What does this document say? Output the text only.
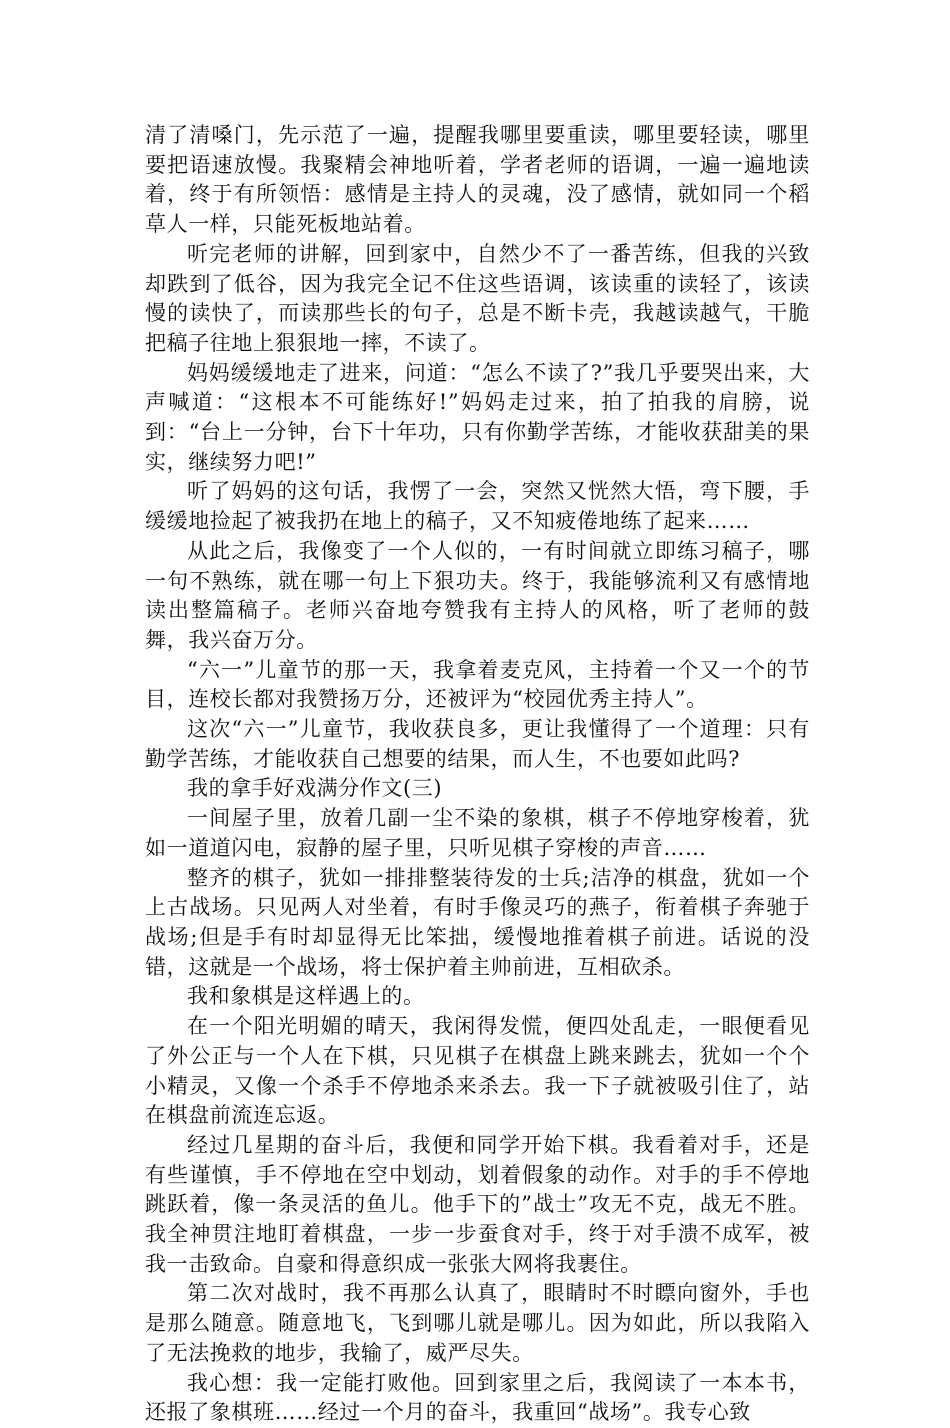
清了清嗓门，先示范了一遍，提醒我哪里要重读，哪里要轻读，哪里要把语速放慢。我聚精会神地听着，学者老师的语调，一遍一遍地读着，终于有所领悟：感情是主持人的灵魂，没了感情，就如同一个稻草人一样，只能死板地站着。

听完老师的讲解，回到家中，自然少不了一番苦练，但我的兴致却跌到了低谷，因为我完全记不住这些语调，该读重的读轻了，该读慢的读快了，而读那些长的句子，总是不断卡壳，我越读越气，干脆把稿子往地上狠狠地一摔，不读了。

妈妈缓缓地走了进来，问道：“怎么不读了?”我几乎要哭出来，大声喊道：“这根本不可能练好!”妈妈走过来，拍了拍我的肩膀，说到：“台上一分钟，台下十年功，只有你勤学苦练，才能收获甜美的果实，继续努力吧!”

听了妈妈的这句话，我愣了一会，突然又恍然大悟，弯下腰，手缓缓地捡起了被我扔在地上的稿子，又不知疲倦地练了起来……

从此之后，我像变了一个人似的，一有时间就立即练习稿子，哪一句不熟练，就在哪一句上下狠功夫。终于，我能够流利又有感情地读出整篇稿子。老师兴奋地夸赞我有主持人的风格，听了老师的鼓舞，我兴奋万分。

“六一”儿童节的那一天，我拿着麦克风，主持着一个又一个的节目，连校长都对我赞扬万分，还被评为“校园优秀主持人”。

这次“六一”儿童节，我收获良多，更让我懂得了一个道理：只有勤学苦练，才能收获自己想要的结果，而人生，不也要如此吗?

我的拿手好戏满分作文(三)

一间屋子里，放着几副一尘不染的象棋，棋子不停地穿梭着，犹如一道道闪电，寂静的屋子里，只听见棋子穿梭的声音……

整齐的棋子，犹如一排排整装待发的士兵;洁净的棋盘，犹如一个上古战场。只见两人对坐着，有时手像灵巧的燕子，衔着棋子奔驰于战场;但是手有时却显得无比笨拙，缓慢地推着棋子前进。话说的没错，这就是一个战场，将士保护着主帅前进，互相砍杀。

我和象棋是这样遇上的。

在一个阳光明媚的晴天，我闲得发慌，便四处乱走，一眼便看见了外公正与一个人在下棋，只见棋子在棋盘上跳来跳去，犹如一个个小精灵，又像一个杀手不停地杀来杀去。我一下子就被吸引住了，站在棋盘前流连忘返。

经过几星期的奋斗后，我便和同学开始下棋。我看着对手，还是有些谨慎，手不停地在空中划动，划着假象的动作。对手的手不停地跳跃着，像一条灵活的鱼儿。他手下的”战士”攻无不克，战无不胜。我全神贯注地盯着棋盘，一步一步蚕食对手，终于对手溃不成军，被我一击致命。自豪和得意织成一张张大网将我裹住。

第二次对战时，我不再那么认真了，眼睛时不时瞟向窗外，手也是那么随意。随意地飞，飞到哪儿就是哪儿。因为如此，所以我陷入了无法挽救的地步，我输了，威严尽失。

我心想：我一定能打败他。回到家里之后，我阅读了一本本书，还报了象棋班……经过一个月的奋斗，我重回“战场”。我专心致
